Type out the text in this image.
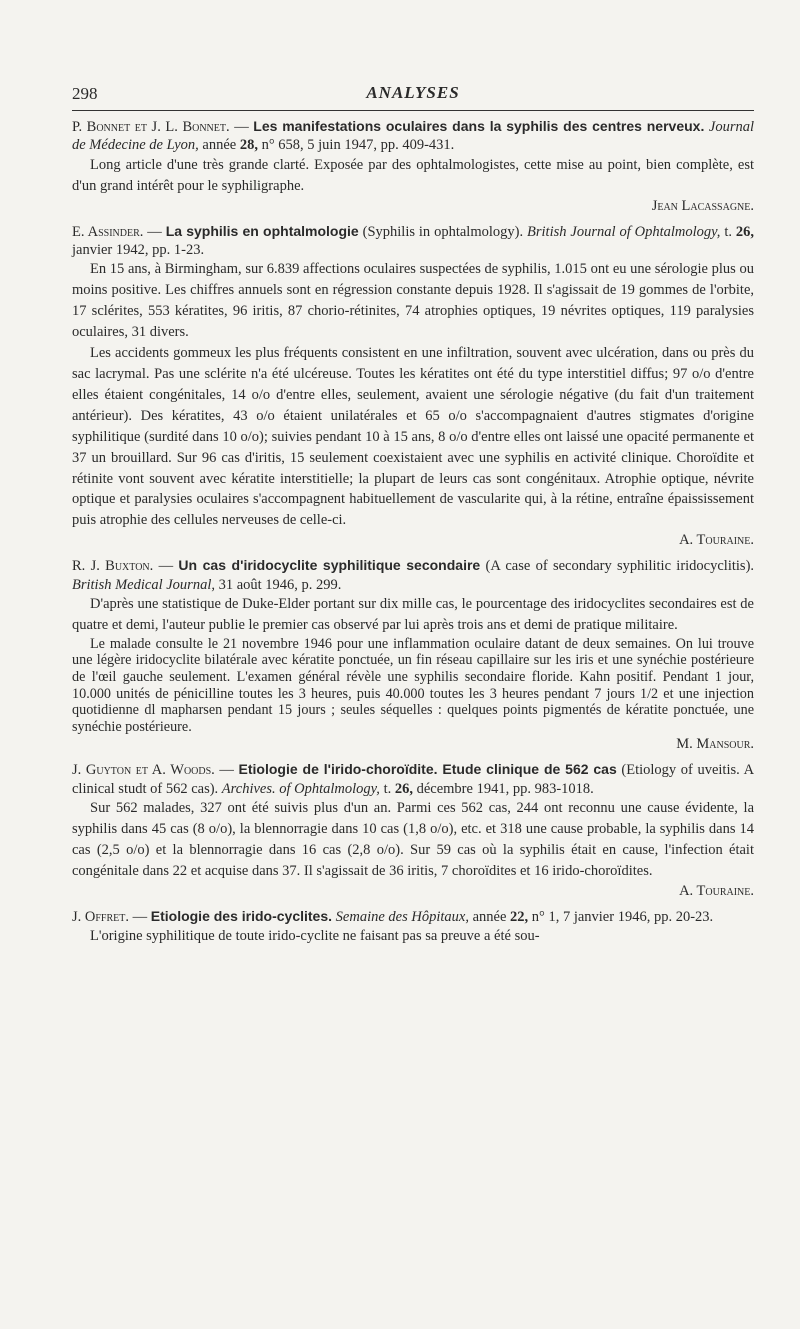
298	ANALYSES
P. Bonnet et J. L. Bonnet. — Les manifestations oculaires dans la syphilis des centres nerveux. Journal de Médecine de Lyon, année 28, n° 658, 5 juin 1947, pp. 409-431.

Long article d'une très grande clarté. Exposée par des ophtalmologistes, cette mise au point, bien complète, est d'un grand intérêt pour le syphiligraphe.

Jean Lacassagne.
E. Assinder. — La syphilis en ophtalmologie (Syphilis in ophtalmology). British Journal of Ophtalmology, t. 26, janvier 1942, pp. 1-23.

En 15 ans, à Birmingham, sur 6.839 affections oculaires suspectées de syphilis, 1.015 ont eu une sérologie plus ou moins positive. Les chiffres annuels sont en régression constante depuis 1928. Il s'agissait de 19 gommes de l'orbite, 17 sclérites, 553 kératites, 96 iritis, 87 chorio-rétinites, 74 atrophies optiques, 19 névrites optiques, 119 paralysies oculaires, 31 divers.

Les accidents gommeux les plus fréquents consistent en une infiltration, souvent avec ulcération, dans ou près du sac lacrymal. Pas une sclérite n'a été ulcéreuse. Toutes les kératites ont été du type interstitiel diffus; 97 o/o d'entre elles étaient congénitales, 14 o/o d'entre elles, seulement, avaient une sérologie négative (du fait d'un traitement antérieur). Des kératites, 43 o/o étaient unilatérales et 65 o/o s'accompagnaient d'autres stigmates d'origine syphilitique (surdité dans 10 o/o); suivies pendant 10 à 15 ans, 8 o/o d'entre elles ont laissé une opacité permanente et 37 un brouillard. Sur 96 cas d'iritis, 15 seulement coexistaient avec une syphilis en activité clinique. Choroïdite et rétinite vont souvent avec kératite interstitielle; la plupart de leurs cas sont congénitaux. Atrophie optique, névrite optique et paralysies oculaires s'accompagnent habituellement de vascularite qui, à la rétine, entraîne épaississement puis atrophie des cellules nerveuses de celle-ci.

A. Touraine.
R. J. Buxton. — Un cas d'iridocyclite syphilitique secondaire (A case of secondary syphilitic iridocyclitis). British Medical Journal, 31 août 1946, p. 299.

D'après une statistique de Duke-Elder portant sur dix mille cas, le pourcentage des iridocyclites secondaires est de quatre et demi, l'auteur publie le premier cas observé par lui après trois ans et demi de pratique militaire.

Le malade consulte le 21 novembre 1946 pour une inflammation oculaire datant de deux semaines. On lui trouve une légère iridocyclite bilatérale avec kératite ponctuée, un fin réseau capillaire sur les iris et une synéchie postérieure de l'œil gauche seulement. L'examen général révèle une syphilis secondaire floride. Kahn positif. Pendant 1 jour, 10.000 unités de pénicilline toutes les 3 heures, puis 40.000 toutes les 3 heures pendant 7 jours 1/2 et une injection quotidienne dl mapharsen pendant 15 jours ; seules séquelles : quelques points pigmentés de kératite ponctuée, une synéchie postérieure.

M. Mansour.
J. Guyton et A. Woods. — Etiologie de l'irido-choroïdite. Etude clinique de 562 cas (Etiology of uveitis. A clinical studt of 562 cas). Archives. of Ophtalmology, t. 26, décembre 1941, pp. 983-1018.

Sur 562 malades, 327 ont été suivis plus d'un an. Parmi ces 562 cas, 244 ont reconnu une cause évidente, la syphilis dans 45 cas (8 o/o), la blennorragie dans 10 cas (1,8 o/o), etc. et 318 une cause probable, la syphilis dans 14 cas (2,5 o/o) et la blennorragie dans 16 cas (2,8 o/o). Sur 59 cas où la syphilis était en cause, l'infection était congénitale dans 22 et acquise dans 37. Il s'agissait de 36 iritis, 7 choroïdites et 16 irido-choroïdites.

A. Touraine.
J. Offret. — Etiologie des irido-cyclites. Semaine des Hôpitaux, année 22, n° 1, 7 janvier 1946, pp. 20-23.

L'origine syphilitique de toute irido-cyclite ne faisant pas sa preuve a été sou-
